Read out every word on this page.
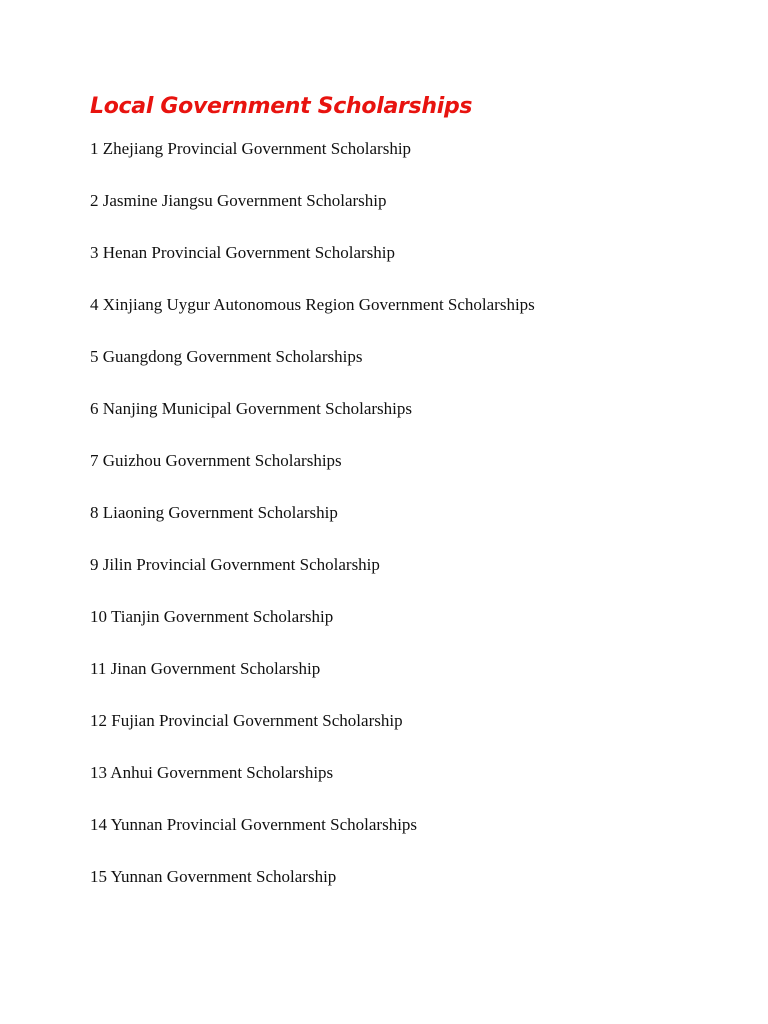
Local Government Scholarships
1 Zhejiang Provincial Government Scholarship
2 Jasmine Jiangsu Government Scholarship
3 Henan Provincial Government Scholarship
4 Xinjiang Uygur Autonomous Region Government Scholarships
5 Guangdong Government Scholarships
6 Nanjing Municipal Government Scholarships
7 Guizhou Government Scholarships
8 Liaoning Government Scholarship
9 Jilin Provincial Government Scholarship
10 Tianjin Government Scholarship
11 Jinan Government Scholarship
12 Fujian Provincial Government Scholarship
13 Anhui Government Scholarships
14 Yunnan Provincial Government Scholarships
15 Yunnan Government Scholarship
